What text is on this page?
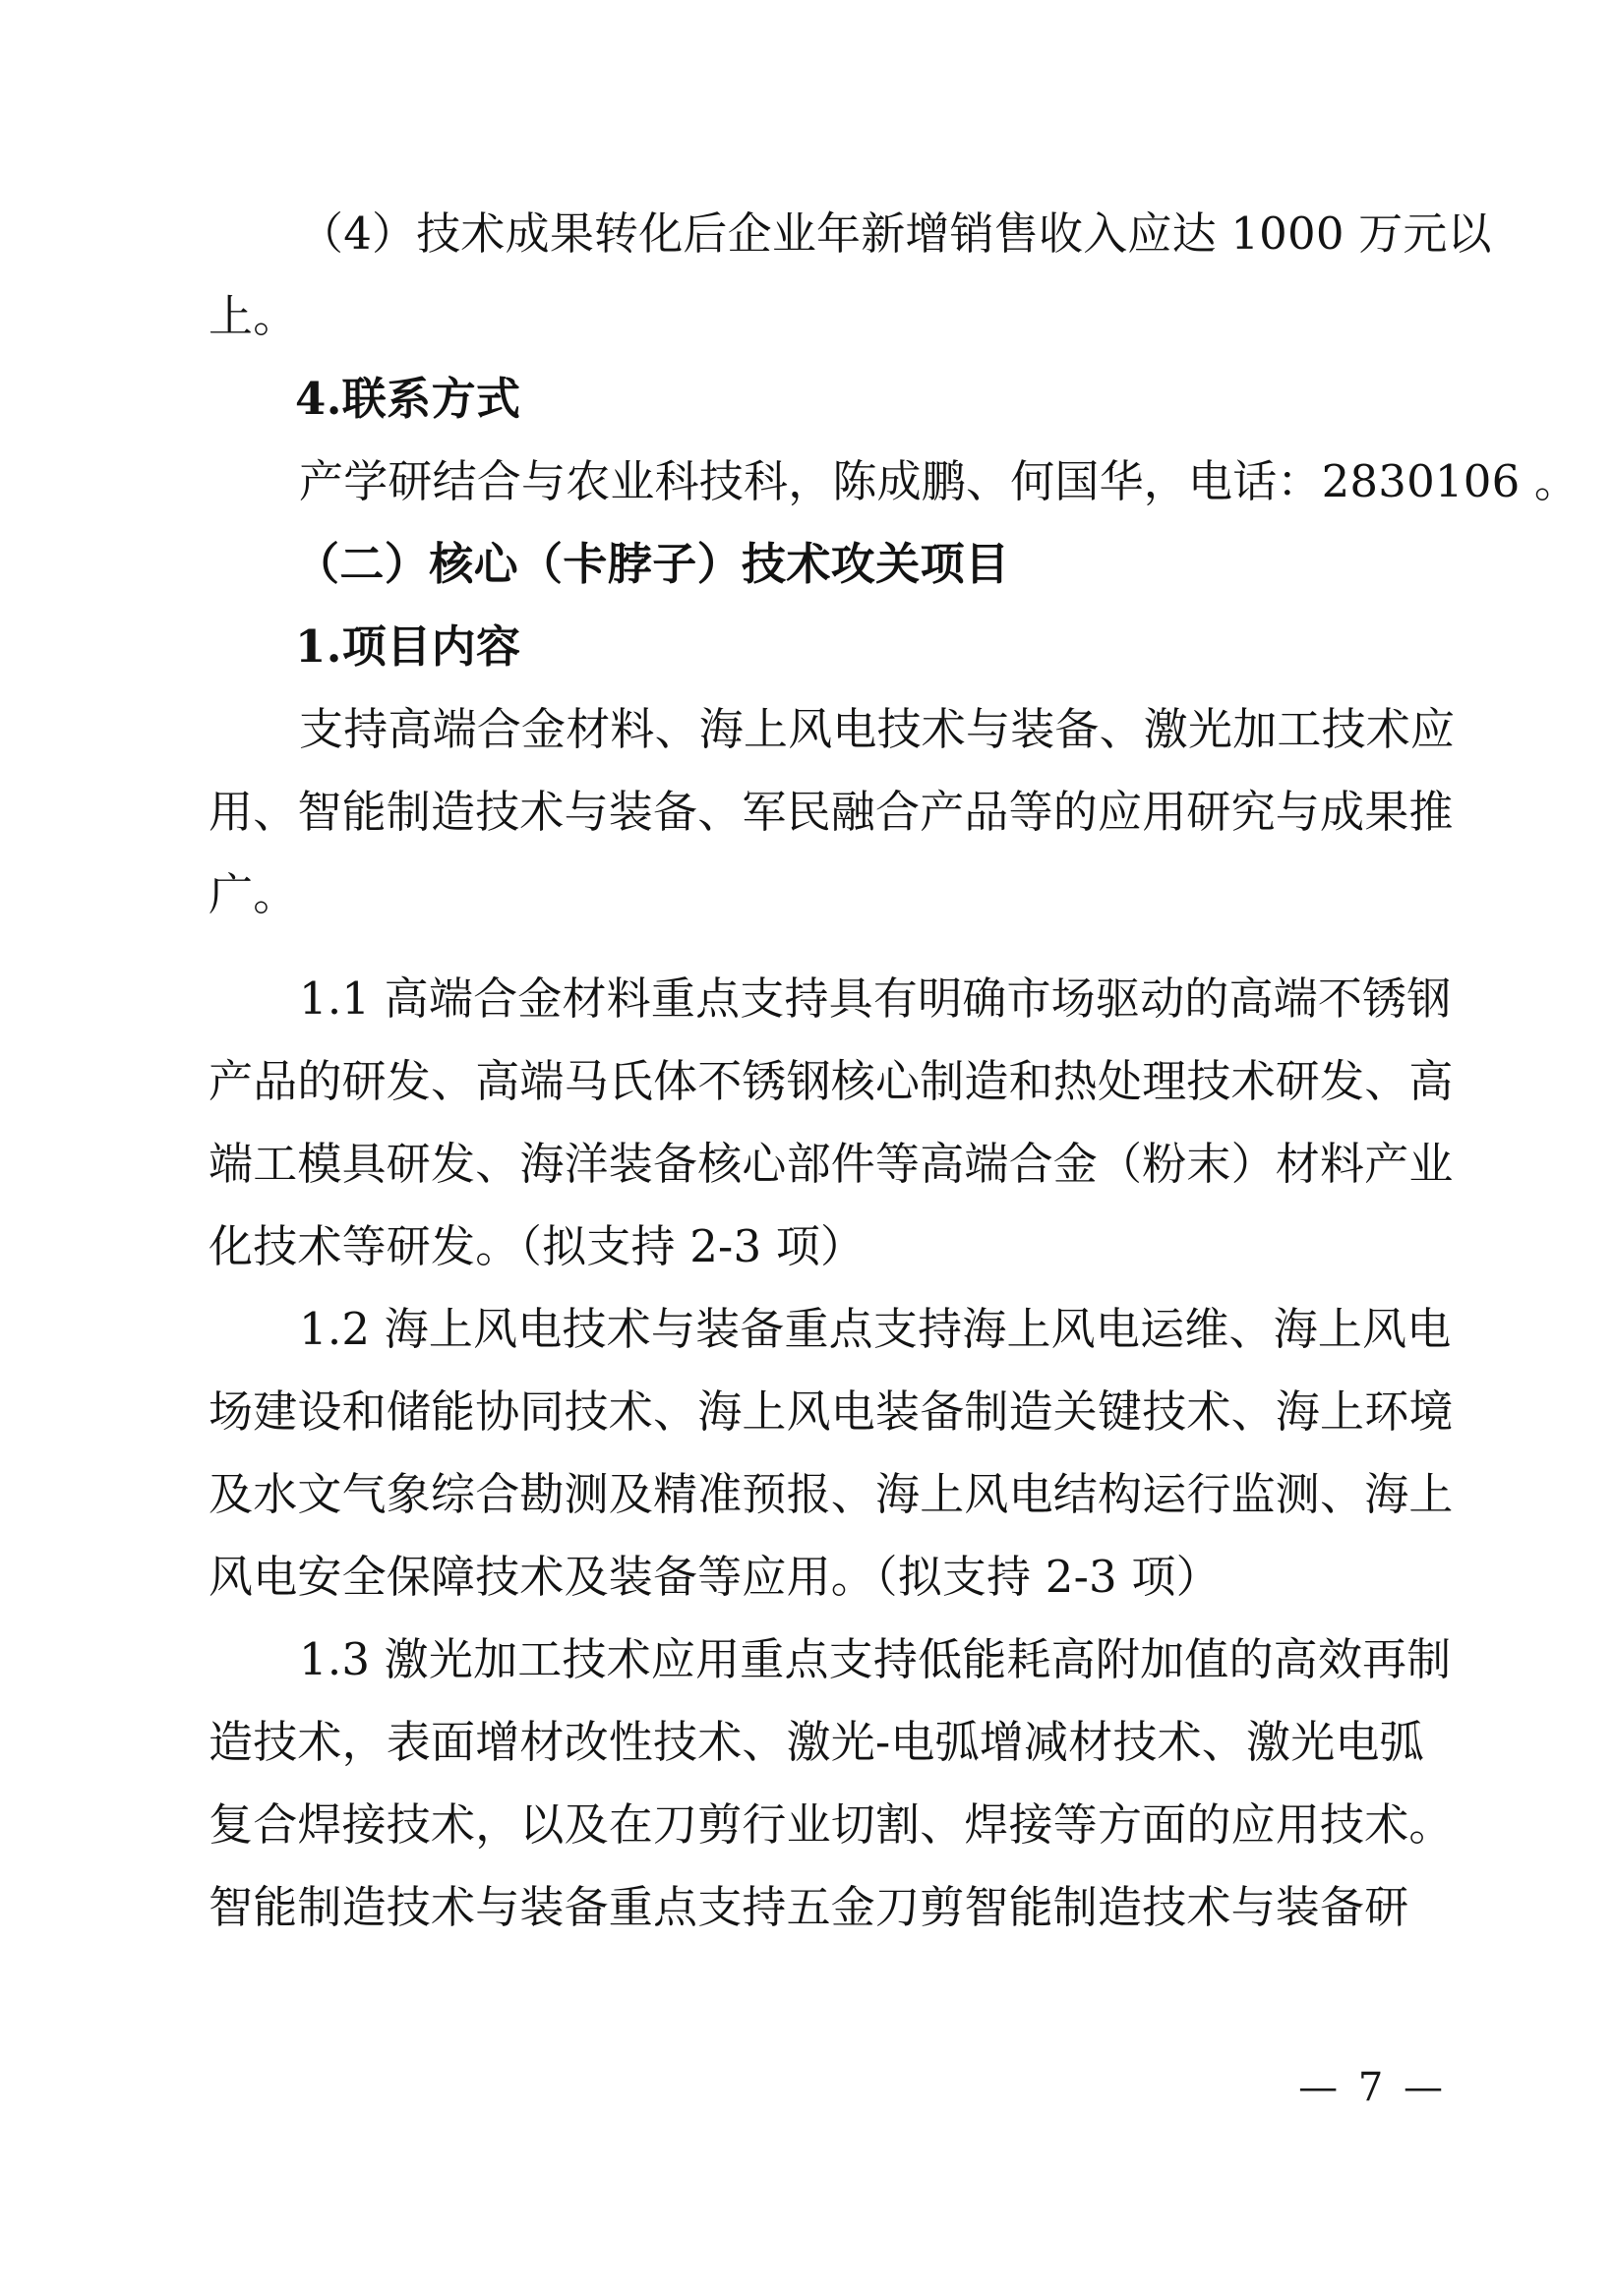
（4）技术成果转化后企业年新增销售收入应达 1000 万元以
上。
4.联系方式
产学研结合与农业科技科，陈成鹏、何国华，电话：2830106 。
（二）核心（卡脖子）技术攻关项目
1.项目内容
支持高端合金材料、海上风电技术与装备、激光加工技术应
用、智能制造技术与装备、军民融合产品等的应用研究与成果推
广。
1.1 高端合金材料重点支持具有明确市场驱动的高端不锈钢
产品的研发、高端马氏体不锈钢核心制造和热处理技术研发、高
端工模具研发、海洋装备核心部件等高端合金（粉末）材料产业
化技术等研发。（拟支持 2-3 项）
1.2 海上风电技术与装备重点支持海上风电运维、海上风电
场建设和储能协同技术、海上风电装备制造关键技术、海上环境
及水文气象综合勘测及精准预报、海上风电结构运行监测、海上
风电安全保障技术及装备等应用。（拟支持 2-3 项）
1.3 激光加工技术应用重点支持低能耗高附加值的高效再制
造技术，表面增材改性技术、激光-电弧增减材技术、激光电弧
复合焊接技术，以及在刀剪行业切割、焊接等方面的应用技术。
智能制造技术与装备重点支持五金刀剪智能制造技术与装备研
— 7 —
